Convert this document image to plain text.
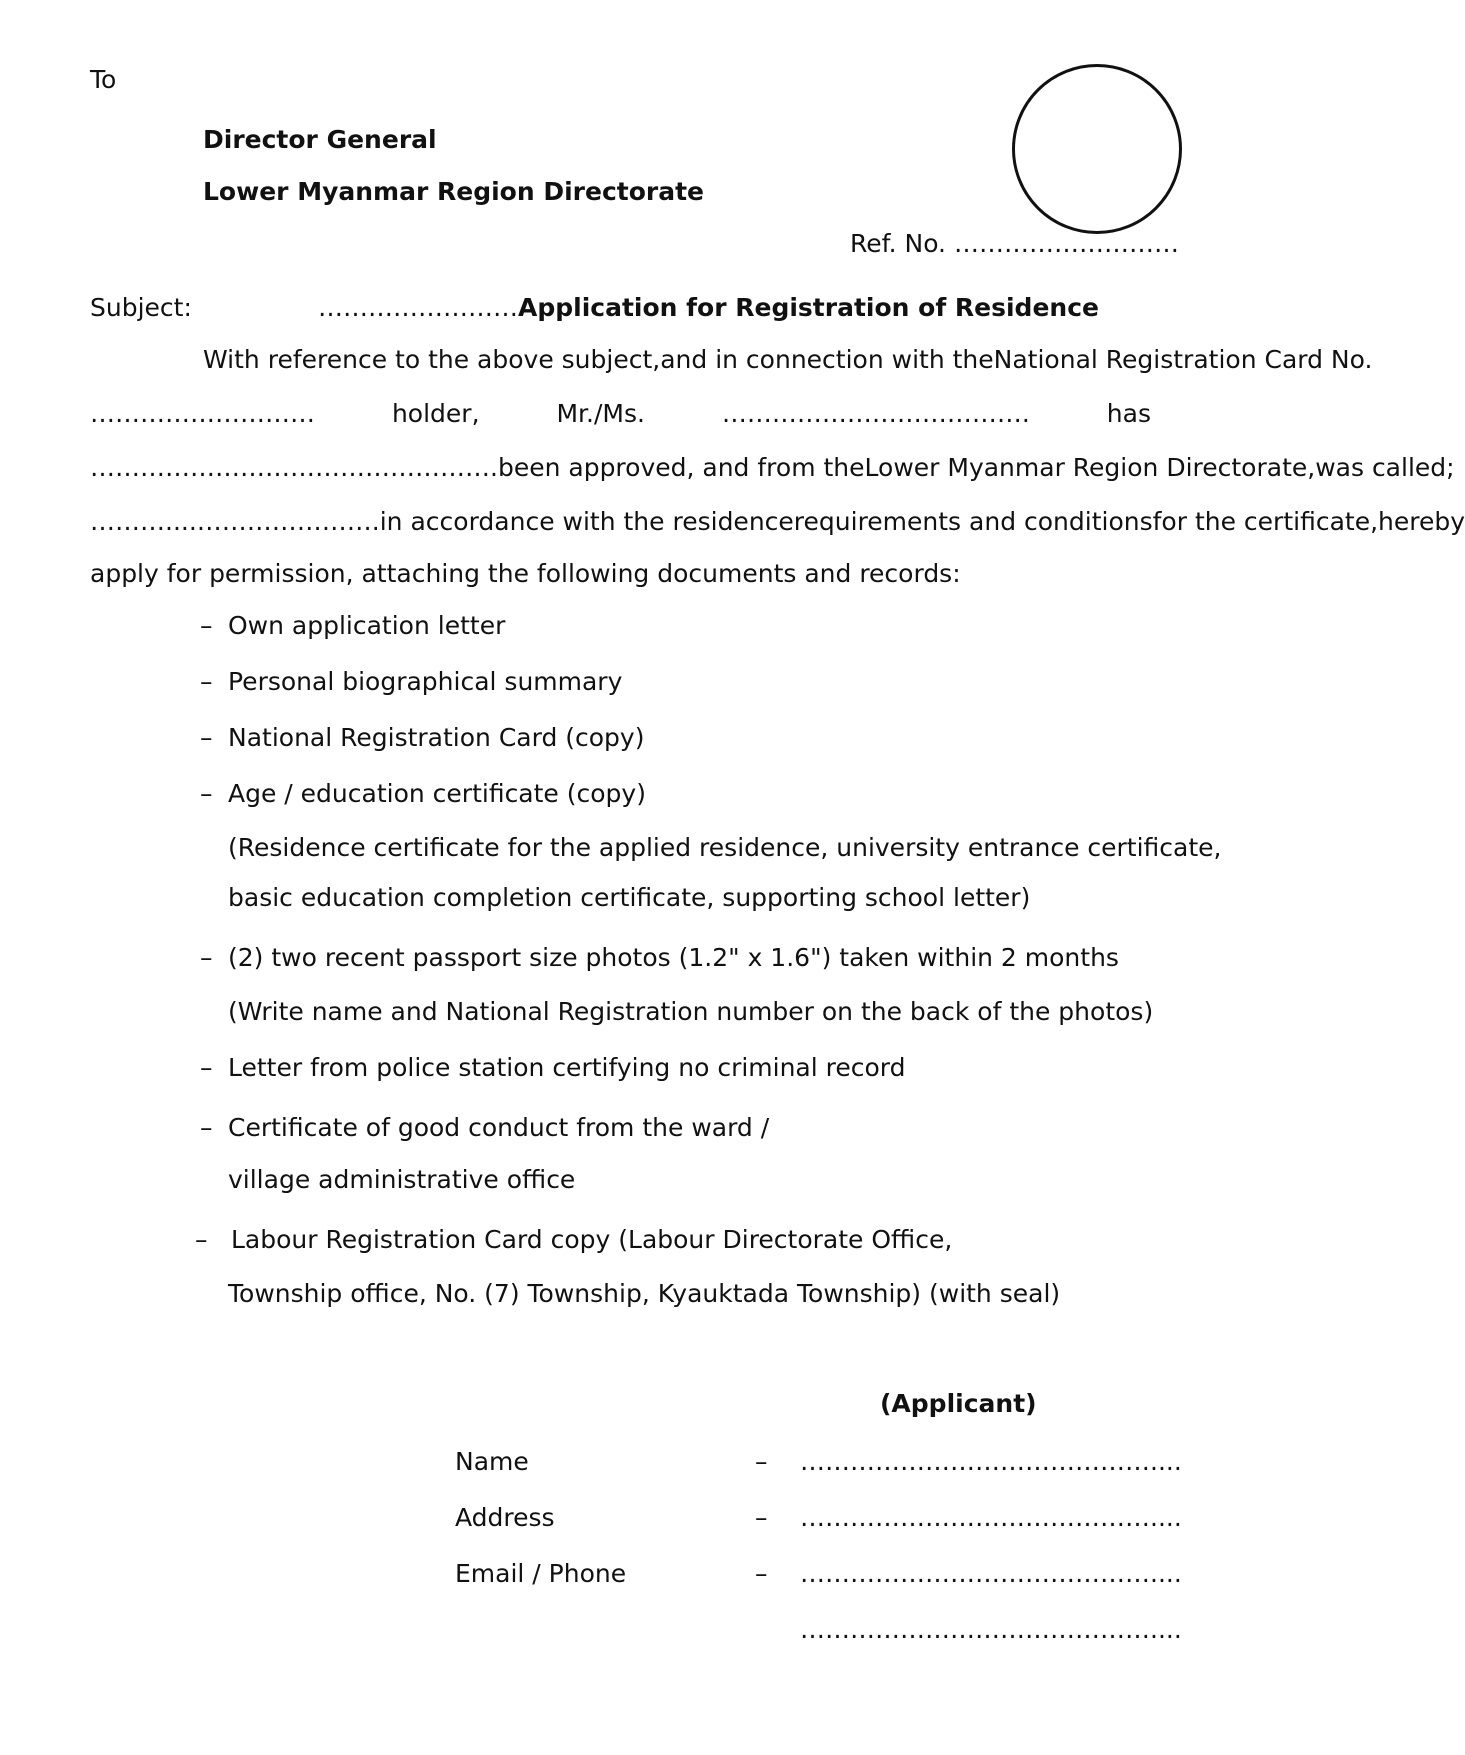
To
Director General
Lower Myanmar Region Directorate
Ref. No. ………………………
Subject:	……………………Application for Registration of Residence
With reference to the above subject, and in connection with the National Registration Card No.
………………………	holder,	Mr./Ms.	……………………………….	has
…………………………………………. been approved, and from the Lower Myanmar Region Directorate, was called;
………....…………………. in accordance with the residence requirements and conditions for the certificate, hereby
apply for permission, attaching the following documents and records:
– Own application letter
– Personal biographical summary
– National Registration Card (copy)
– Age / education certificate (copy)
(Residence certificate for the applied residence, university entrance certificate,
basic education completion certificate, supporting school letter)
– (2) two recent passport size photos (1.2" x 1.6") taken within 2 months
(Write name and National Registration number on the back of the photos)
– Letter from police station certifying no criminal record
– Certificate of good conduct from the ward /
village administrative office
– Labour Registration Card copy (Labour Directorate Office,
Township office, No. (7) Township, Kyauktada Township) (with seal)
(Applicant)
Name	–	……………………………………....
Address	–	……………………………………....
Email / Phone	–	……………………………………....
……………………………………....
